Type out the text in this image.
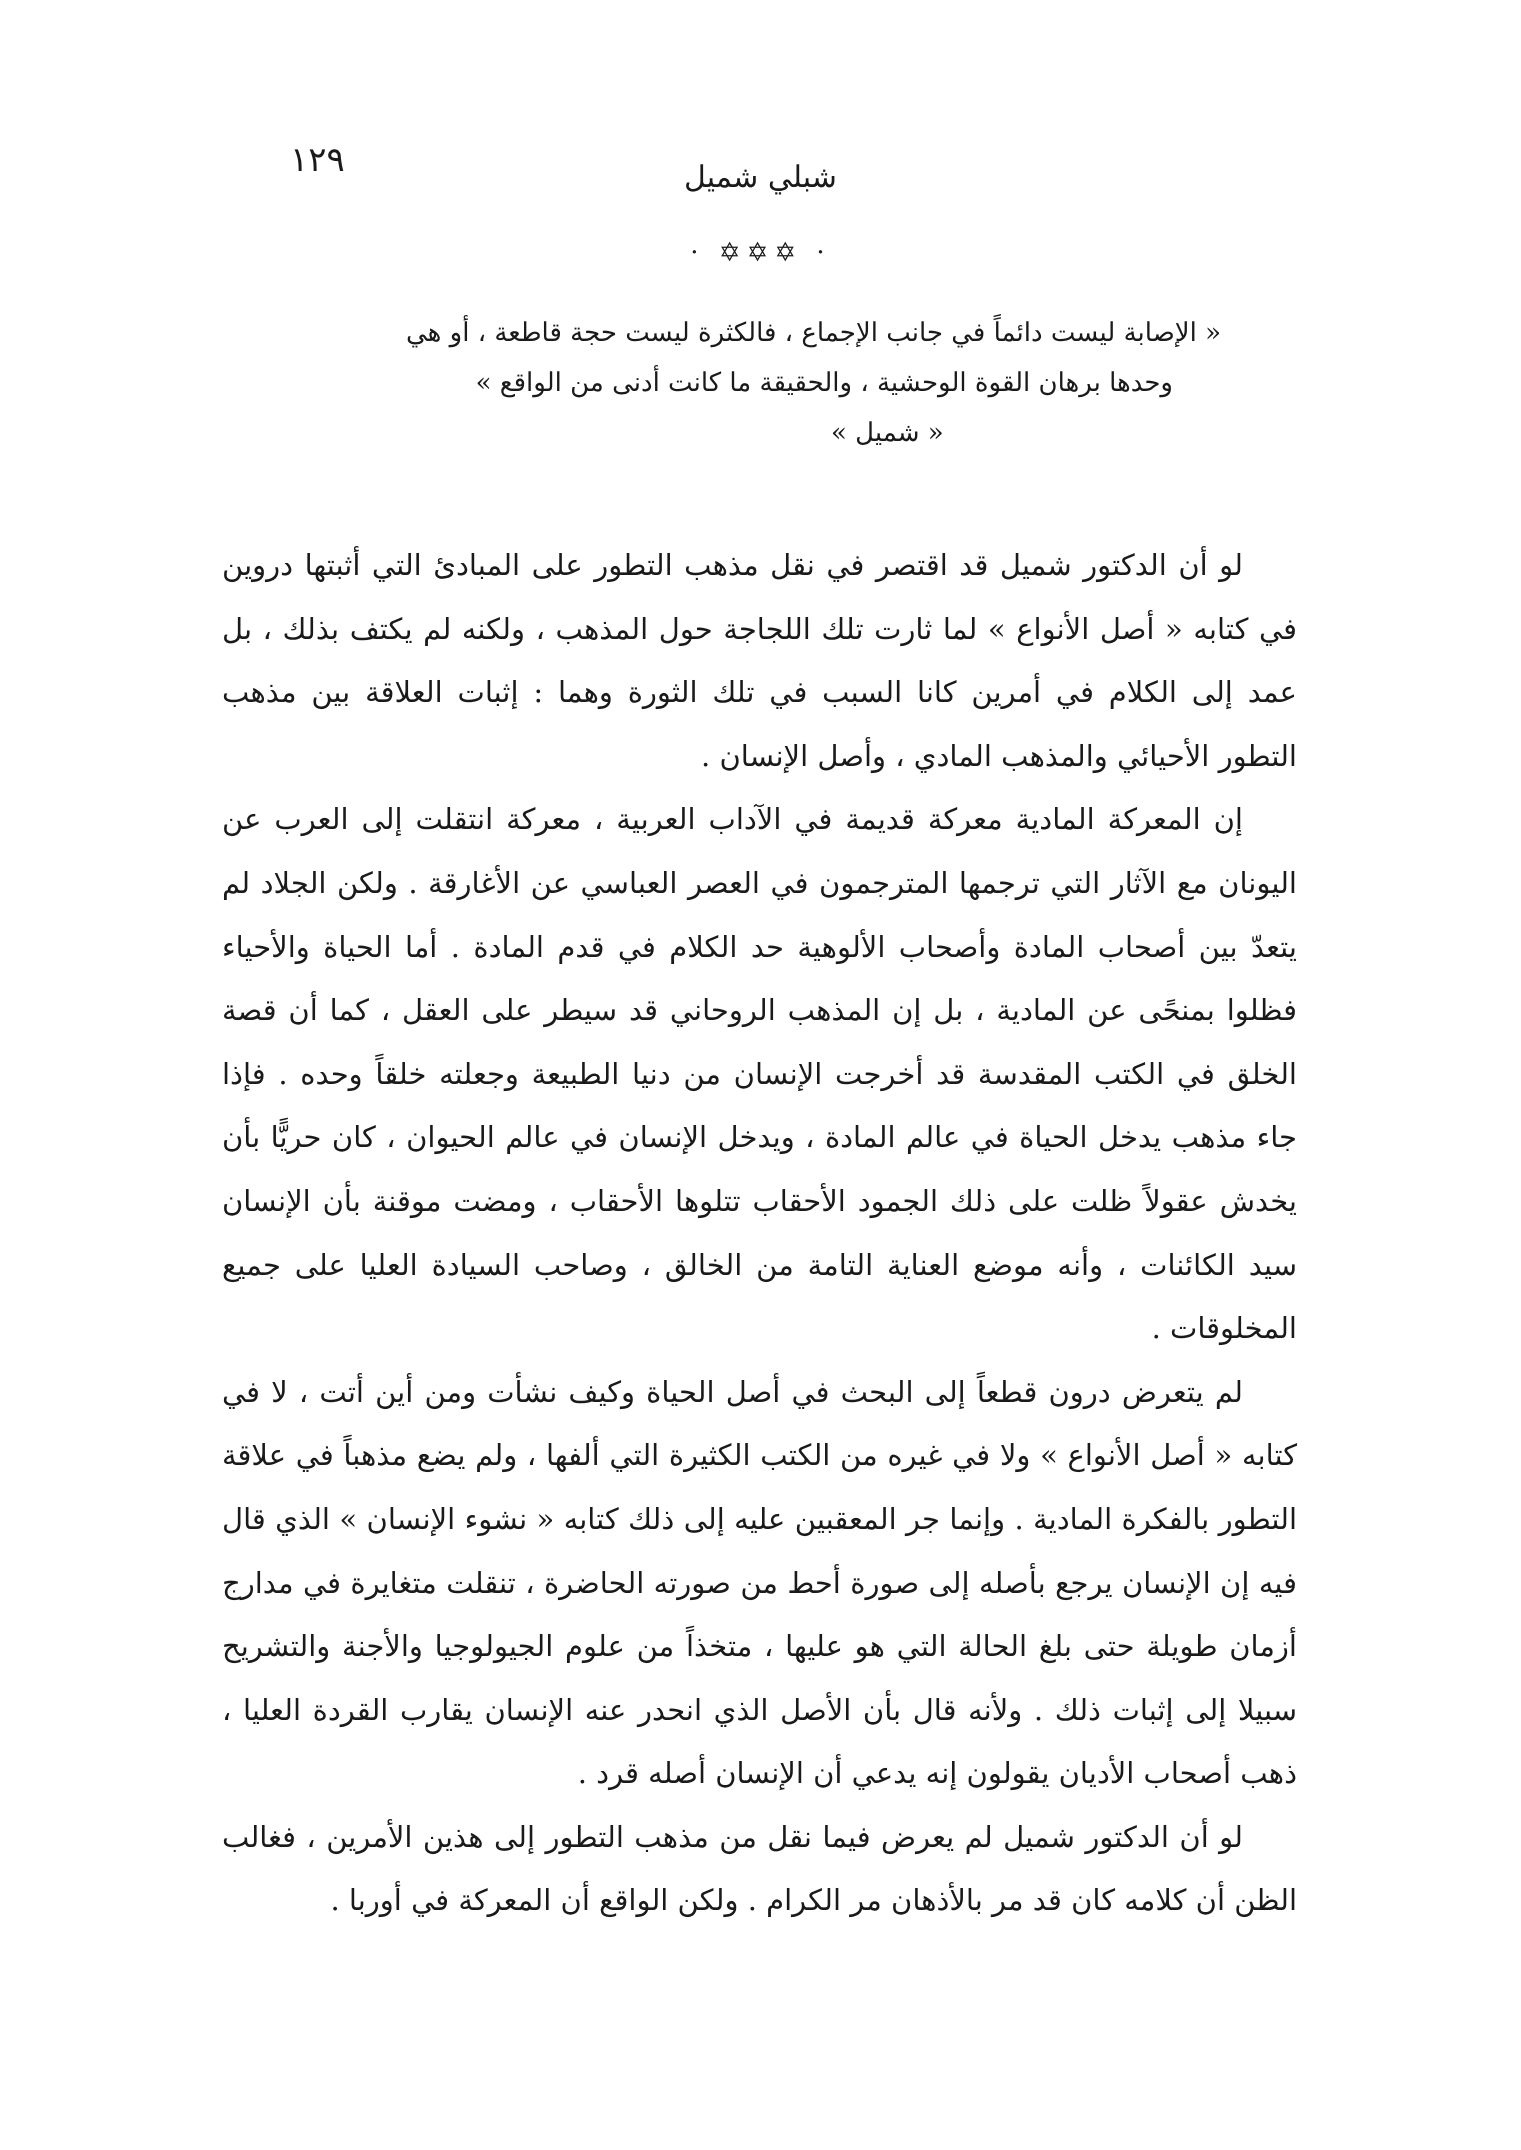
١٢٩	شبلي شميل
· ✡✡✡ ·
« الإصابة ليست دائماً في جانب الإجماع ، فالكثرة ليست حجة قاطعة ، أو هي
وحدها برهان القوة الوحشية ، والحقيقة ما كانت أدنى من الواقع »
« شميل »

لو أن الدكتور شميل قد اقتصر في نقل مذهب التطور على المبادئ التي أثبتها دروين في كتابه « أصل الأنواع » لما ثارت تلك اللجاجة حول المذهب ، ولكنه لم يكتف بذلك ، بل عمد إلى الكلام في أمرين كانا السبب في تلك الثورة وهما : إثبات العلاقة بين مذهب التطور الأحيائي والمذهب المادي ، وأصل الإنسان .

إن المعركة المادية معركة قديمة في الآداب العربية ، معركة انتقلت إلى العرب عن اليونان مع الآثار التي ترجمها المترجمون في العصر العباسي عن الأغارقة . ولكن الجلاد لم يتعدّ بين أصحاب المادة وأصحاب الألوهية حد الكلام في قدم المادة . أما الحياة والأحياء فظلوا بمنحًى عن المادية ، بل إن المذهب الروحاني قد سيطر على العقل ، كما أن قصة الخلق في الكتب المقدسة قد أخرجت الإنسان من دنيا الطبيعة وجعلته خلقاً وحده . فإذا جاء مذهب يدخل الحياة في عالم المادة ، ويدخل الإنسان في عالم الحيوان ، كان حريًّا بأن يخدش عقولاً ظلت على ذلك الجمود الأحقاب تتلوها الأحقاب ، ومضت موقنة بأن الإنسان سيد الكائنات ، وأنه موضع العناية التامة من الخالق ، وصاحب السيادة العليا على جميع المخلوقات .

لم يتعرض درون قطعاً إلى البحث في أصل الحياة وكيف نشأت ومن أين أتت ، لا في كتابه « أصل الأنواع » ولا في غيره من الكتب الكثيرة التي ألفها ، ولم يضع مذهباً في علاقة التطور بالفكرة المادية . وإنما جر المعقبين عليه إلى ذلك كتابه « نشوء الإنسان » الذي قال فيه إن الإنسان يرجع بأصله إلى صورة أحط من صورته الحاضرة ، تنقلت متغايرة في مدارج أزمان طويلة حتى بلغ الحالة التي هو عليها ، متخذاً من علوم الجيولوجيا والأجنة والتشريح سبيلا إلى إثبات ذلك . ولأنه قال بأن الأصل الذي انحدر عنه الإنسان يقارب القردة العليا ، ذهب أصحاب الأديان يقولون إنه يدعي أن الإنسان أصله قرد .

لو أن الدكتور شميل لم يعرض فيما نقل من مذهب التطور إلى هذين الأمرين ، فغالب الظن أن كلامه كان قد مر بالأذهان مر الكرام . ولكن الواقع أن المعركة في أوربا .
